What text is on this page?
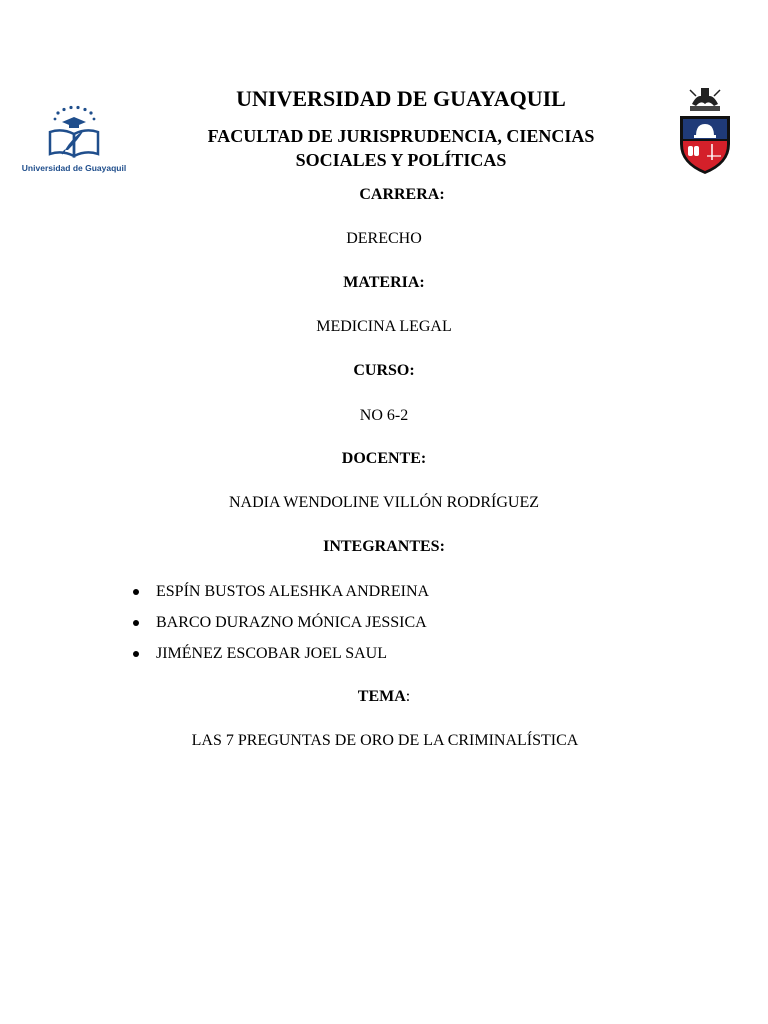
Universidad de Guayaquil
UNIVERSIDAD DE GUAYAQUIL
FACULTAD DE JURISPRUDENCIA, CIENCIAS
SOCIALES Y POLÍTICAS
CARRERA:
DERECHO
MATERIA:
MEDICINA LEGAL
CURSO:
NO 6-2
DOCENTE:
NADIA WENDOLINE VILLÓN RODRÍGUEZ
INTEGRANTES:
ESPÍN BUSTOS ALESHKA ANDREINA
BARCO DURAZNO MÓNICA JESSICA
JIMÉNEZ ESCOBAR JOEL SAUL
TEMA:
LAS 7 PREGUNTAS DE ORO DE LA CRIMINALÍSTICA
